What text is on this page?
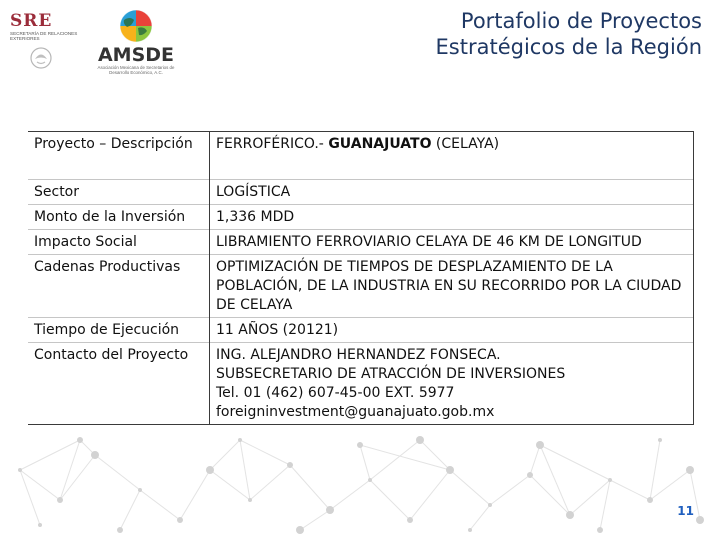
SRE
SECRETARÍA DE RELACIONES EXTERIORES
AMSDE
Asociación Mexicana de Secretarios de Desarrollo Económico, A.C.
Portafolio de Proyectos
Estratégicos de la Región
Proyecto – Descripción	FERROFÉRICO.- GUANAJUATO (CELAYA)
Sector	LOGÍSTICA
Monto de la Inversión	1,336 MDD
Impacto Social	LIBRAMIENTO FERROVIARIO CELAYA DE 46 KM DE LONGITUD
Cadenas Productivas	OPTIMIZACIÓN DE TIEMPOS DE DESPLAZAMIENTO DE LA POBLACIÓN, DE LA INDUSTRIA EN SU RECORRIDO POR LA CIUDAD DE CELAYA
Tiempo de Ejecución	11 AÑOS (20121)
Contacto del Proyecto	ING. ALEJANDRO HERNANDEZ FONSECA.
SUBSECRETARIO DE ATRACCIÓN DE INVERSIONES
Tel. 01 (462) 607-45-00 EXT. 5977
foreigninvestment@guanajuato.gob.mx
11
